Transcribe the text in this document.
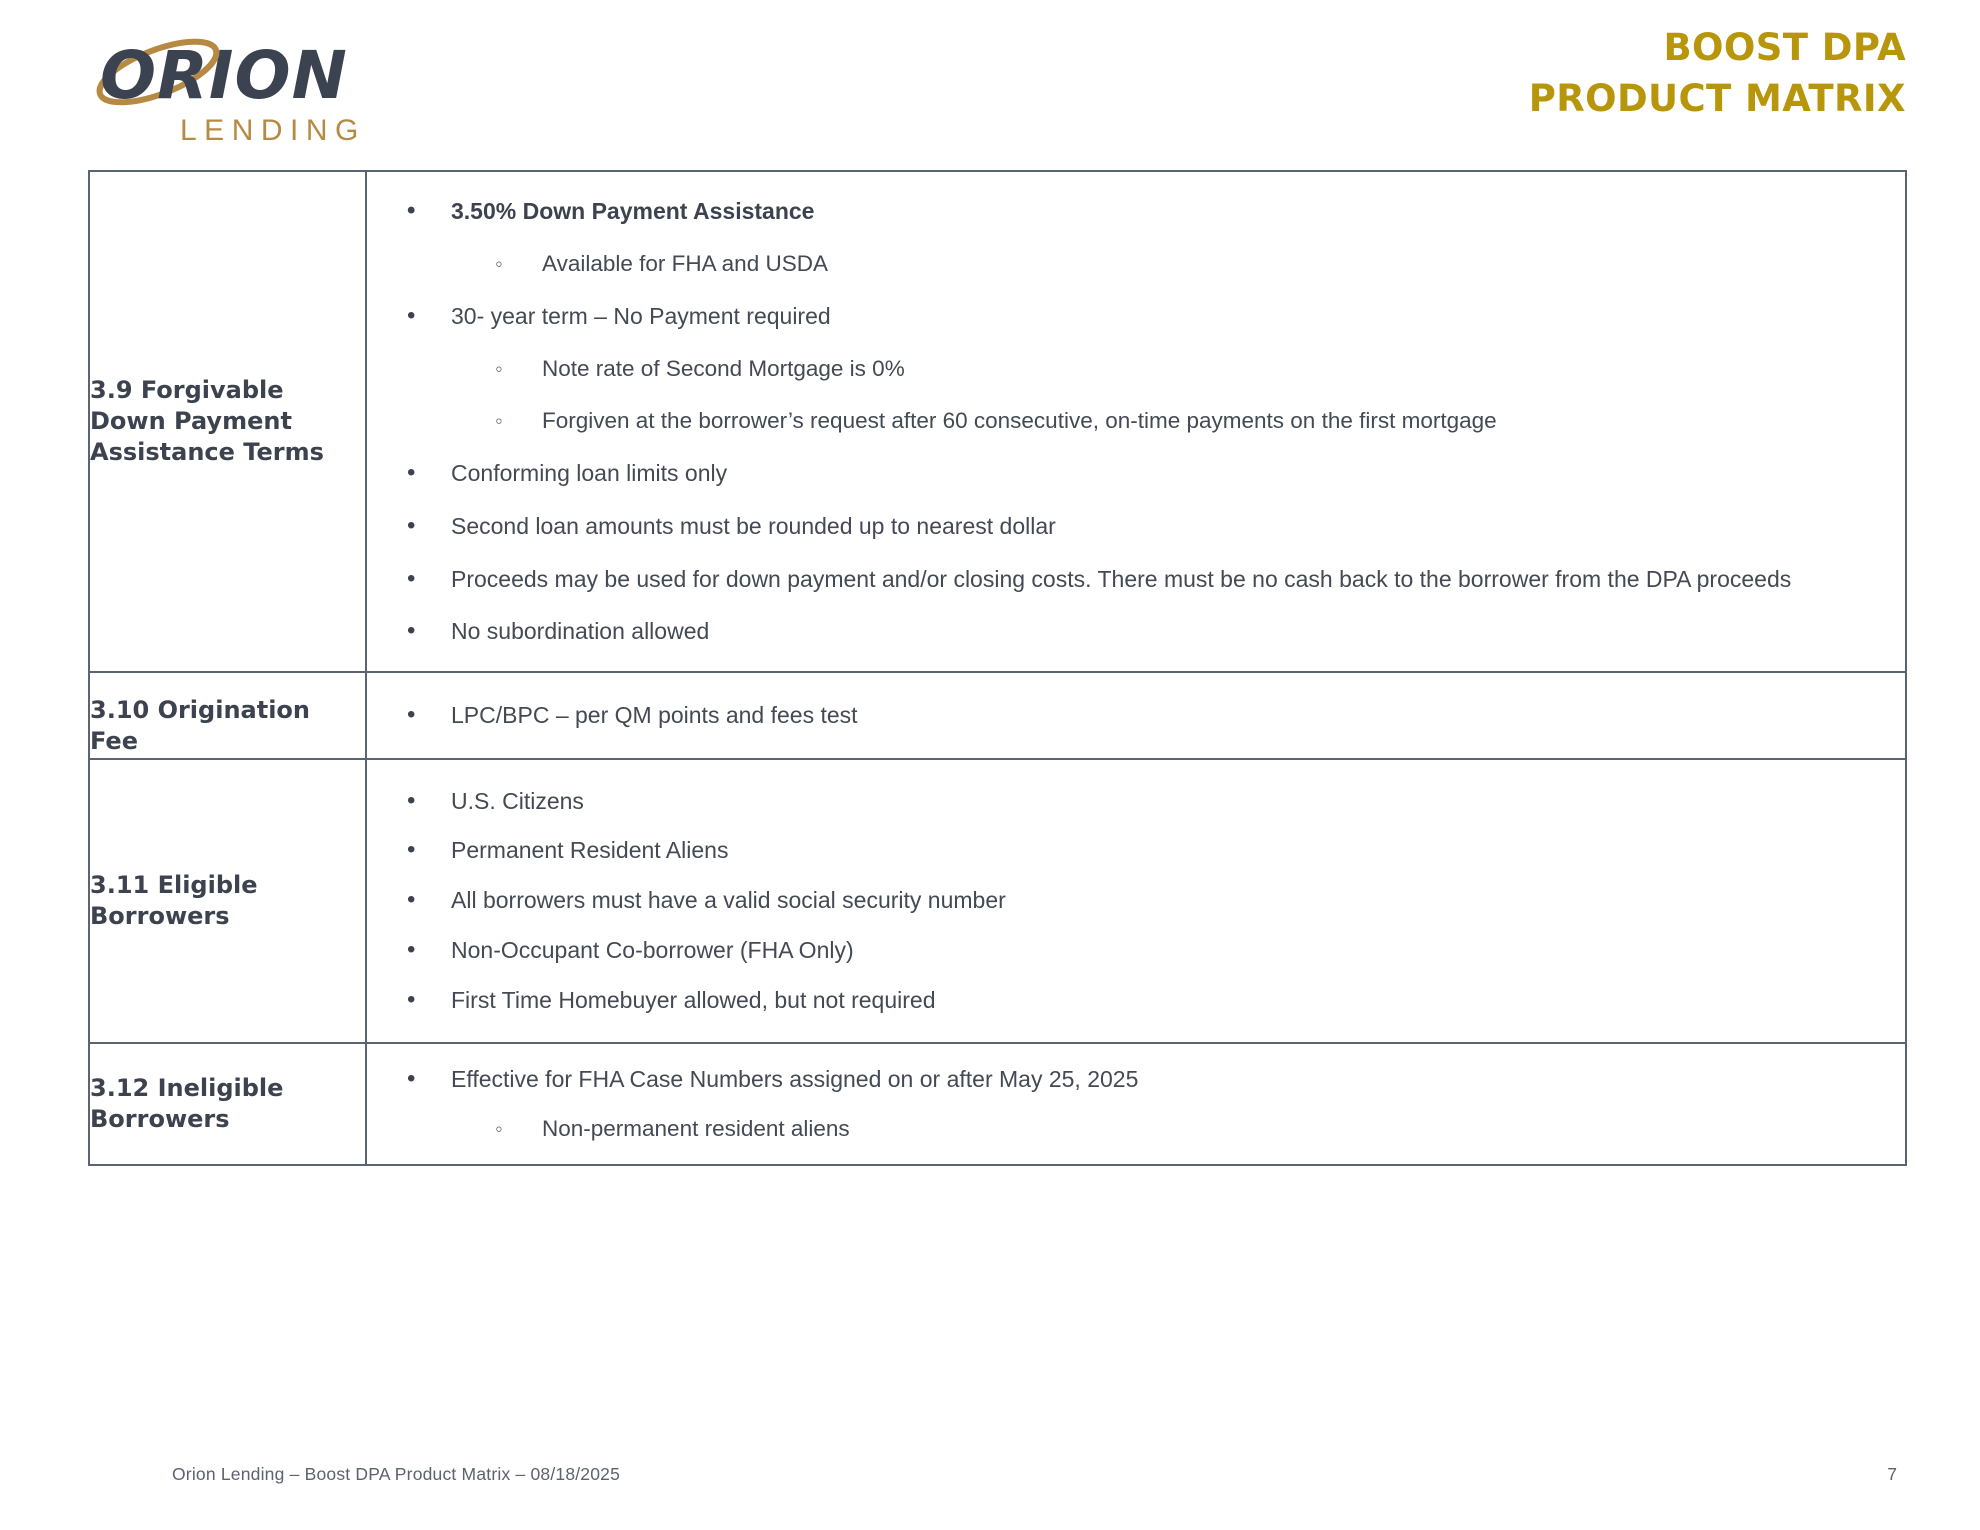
ORION
LENDING
BOOST DPA
PRODUCT MATRIX
3.9 Forgivable Down Payment Assistance Terms	
• 3.50% Down Payment Assistance
◦ Available for FHA and USDA
• 30- year term – No Payment required
◦ Note rate of Second Mortgage is 0%
◦ Forgiven at the borrower’s request after 60 consecutive, on-time payments on the first mortgage
• Conforming loan limits only
• Second loan amounts must be rounded up to nearest dollar
• Proceeds may be used for down payment and/or closing costs. There must be no cash back to the borrower from the DPA proceeds
• No subordination allowed

3.10 Origination Fee	
• LPC/BPC – per QM points and fees test

3.11 Eligible Borrowers	
• U.S. Citizens
• Permanent Resident Aliens
• All borrowers must have a valid social security number
• Non-Occupant Co-borrower (FHA Only)
• First Time Homebuyer allowed, but not required

3.12 Ineligible Borrowers	
• Effective for FHA Case Numbers assigned on or after May 25, 2025
◦ Non-permanent resident aliens
Orion Lending – Boost DPA Product Matrix – 08/18/2025	7
